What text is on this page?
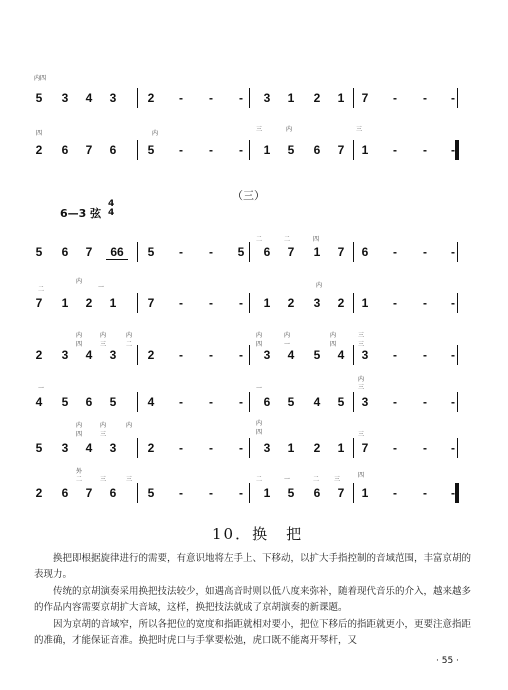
5	3	4	3	2	-	-	-	3	1	2	1	7	-	-	-
2	6	7	6	5	-	-	-	1	5	6	7	1	-	-	-
5	6	7	66	5	-	-	5	6	7	1	7	6	-	-	-
7	1	2	1	7	-	-	-	1	2	3	2	1	-	-	-
2	3	4	3	2	-	-	-	3	4	5	4	3	-	-	-
4	5	6	5	4	-	-	-	6	5	4	5	3	-	-	-
5	3	4	3	2	-	-	-	3	1	2	1	7	-	-	-
2	6	7	6	5	-	-	-	1	5	6	7	1	-	-	-
（三）
6—3 弦
4
4
内四
四	内
三	内	三
二	二	四
内
二	一	内
内	内	内	内	内	内	三
四	三	二	四	一	四	三
内
三
一	一
内	内	内	内
四	三	四	三
外
二	三	三	二	一	二 三
四
10．换　把
换把即根据旋律进行的需要，有意识地将左手上、下移动，以扩大手指控制的音域范围，丰富京胡的表现力。
传统的京胡演奏采用换把技法较少，如遇高音时则以低八度来弥补，随着现代音乐的介入，越来越多的作品内容需要京胡扩大音域，这样，换把技法就成了京胡演奏的新课题。
因为京胡的音域窄，所以各把位的宽度和指距就相对要小，把位下移后的指距就更小，更要注意指距的准确，才能保证音准。换把时虎口与手掌要松弛，虎口既不能离开琴杆，又
· 55 ·
